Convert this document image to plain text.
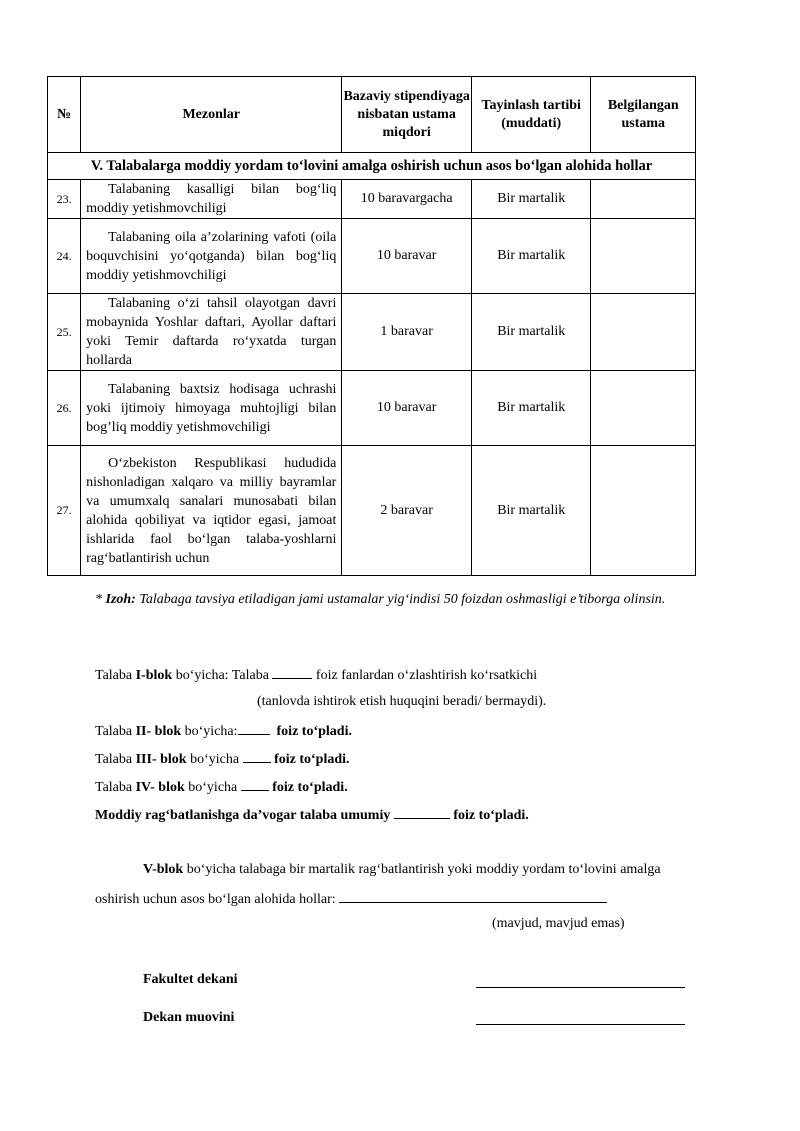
№	Mezonlar	Bazaviy stipendiyaga nisbatan ustama miqdori	Tayinlash tartibi (muddati)	Belgilangan ustama
V. Talabalarga moddiy yordam to‘lovini amalga oshirish uchun asos bo‘lgan alohida hollar				
23.	Talabaning kasalligi bilan bog‘liq moddiy yetishmovchiligi	10 baravargacha	Bir martalik	
24.	Talabaning oila a’zolarining vafoti (oila boquvchisini yo‘qotganda) bilan bog‘liq moddiy yetishmovchiligi	10 baravar	Bir martalik	
25.	Talabaning o‘zi tahsil olayotgan davri mobaynida Yoshlar daftari, Ayollar daftari yoki Temir daftarda ro‘yxatda turgan hollarda	1 baravar	Bir martalik	
26.	Talabaning baxtsiz hodisaga uchrashi yoki ijtimoiy himoyaga muhtojligi bilan bog’liq moddiy yetishmovchiligi	10 baravar	Bir martalik	
27.	O‘zbekiston Respublikasi hududida nishonladigan xalqaro va milliy bayramlar va umumxalq sanalari munosabati bilan alohida qobiliyat va iqtidor egasi, jamoat ishlarida faol bo‘lgan talaba-yoshlarni rag‘batlantirish uchun	2 baravar	Bir martalik	
* Izoh: Talabaga tavsiya etiladigan jami ustamalar yig‘indisi 50 foizdan oshmasligi e’tiborga olinsin.
Talaba I-blok bo‘yicha: Talaba	foiz fanlardan o‘zlashtirish ko‘rsatkichi
(tanlovda ishtirok etish huquqini beradi/ bermaydi).
Talaba II- blok bo‘yicha:	foiz to‘pladi.
Talaba III- blok bo‘yicha  foiz to‘pladi.
Talaba IV- blok bo‘yicha  foiz to‘pladi.
Moddiy rag‘batlanishga da’vogar talaba umumiy	foiz to‘pladi.
V-blok bo‘yicha talabaga bir martalik rag‘batlantirish yoki moddiy yordam to‘lovini amalga
oshirish uchun asos bo‘lgan alohida hollar:
(mavjud, mavjud emas)
Fakultet dekani
Dekan muovini
